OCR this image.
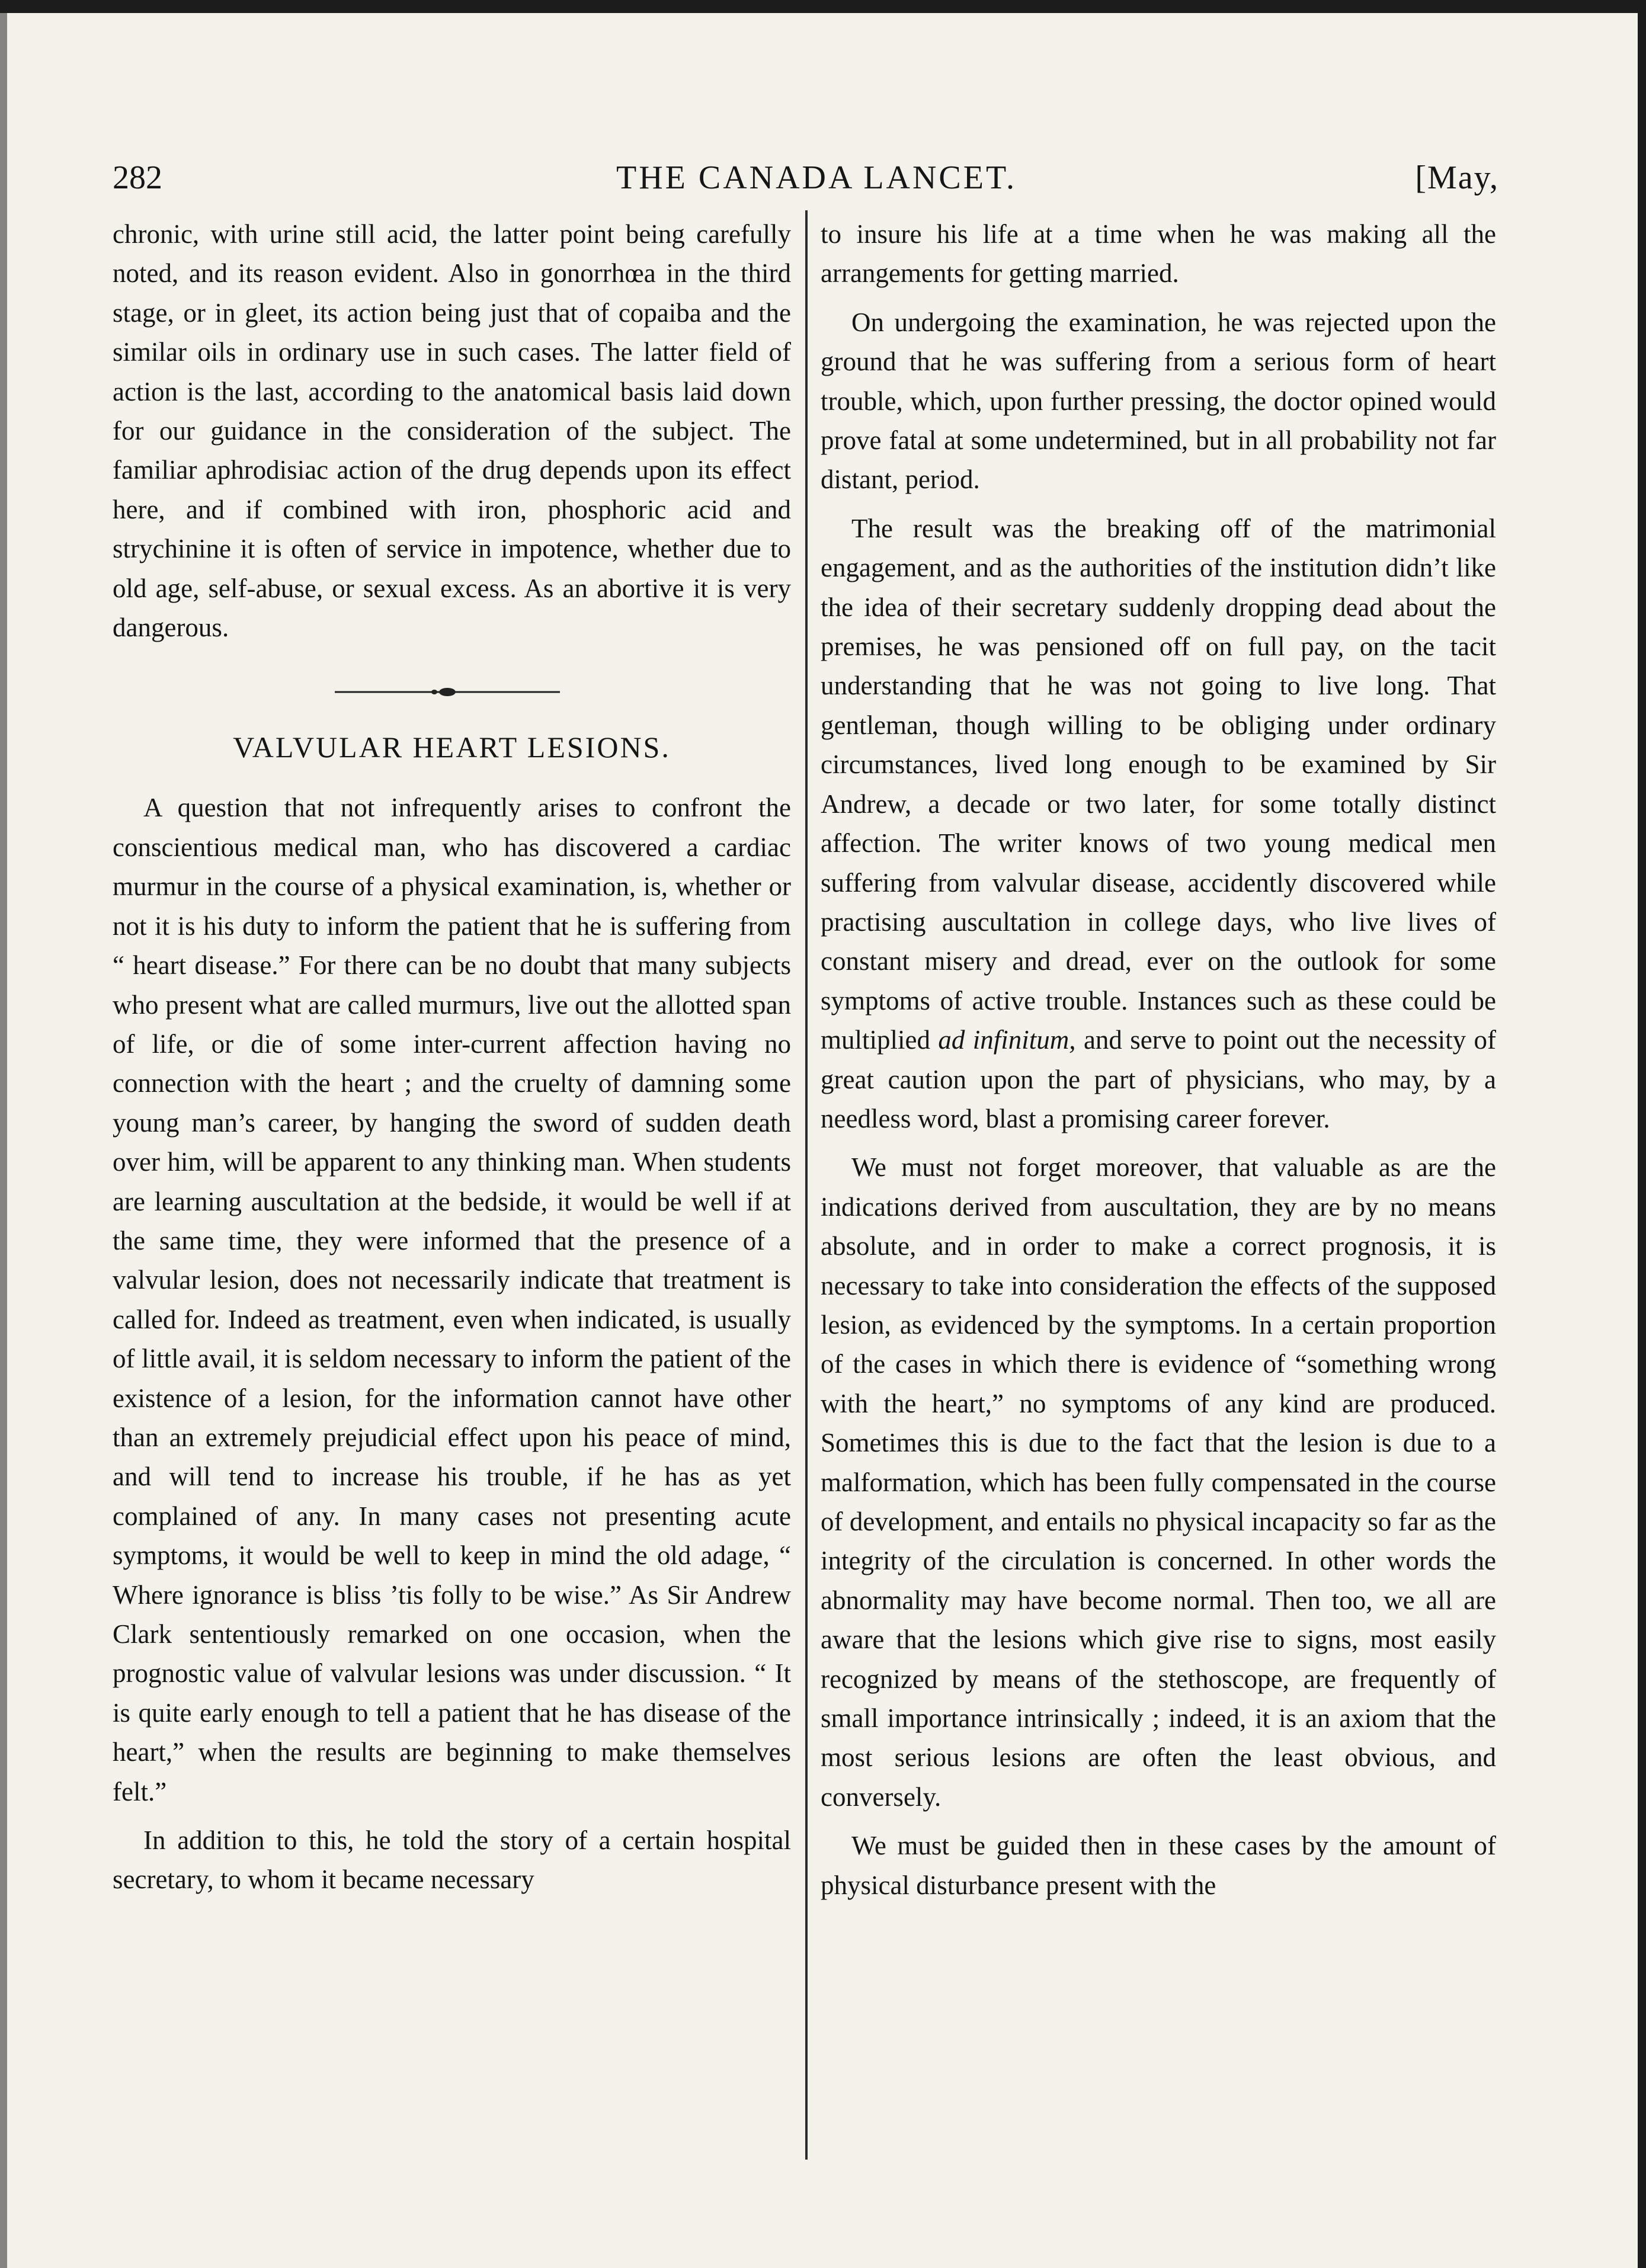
282	THE CANADA LANCET.	[May,

chronic, with urine still acid, the latter point being carefully noted, and its reason evident. Also in gonorrhœa in the third stage, or in gleet, its action being just that of copaiba and the similar oils in ordinary use in such cases. The latter field of action is the last, according to the anatomical basis laid down for our guidance in the consideration of the subject. The familiar aphrodisiac action of the drug depends upon its effect here, and if combined with iron, phosphoric acid and strychinine it is often of service in impotence, whether due to old age, self-abuse, or sexual excess. As an abortive it is very dangerous.

VALVULAR HEART LESIONS.

A question that not infrequently arises to confront the conscientious medical man, who has discovered a cardiac murmur in the course of a physical examination, is, whether or not it is his duty to inform the patient that he is suffering from “ heart disease.” For there can be no doubt that many subjects who present what are called murmurs, live out the allotted span of life, or die of some inter-current affection having no connection with the heart ; and the cruelty of damning some young man’s career, by hanging the sword of sudden death over him, will be apparent to any thinking man. When students are learning auscultation at the bedside, it would be well if at the same time, they were informed that the presence of a valvular lesion, does not necessarily indicate that treatment is called for. Indeed as treatment, even when indicated, is usually of little avail, it is seldom necessary to inform the patient of the existence of a lesion, for the information cannot have other than an extremely prejudicial effect upon his peace of mind, and will tend to increase his trouble, if he has as yet complained of any. In many cases not presenting acute symptoms, it would be well to keep in mind the old adage, “ Where ignorance is bliss ’tis folly to be wise.” As Sir Andrew Clark sententiously remarked on one occasion, when the prognostic value of valvular lesions was under discussion. “ It is quite early enough to tell a patient that he has disease of the heart,” when the results are beginning to make themselves felt.”

In addition to this, he told the story of a certain hospital secretary, to whom it became necessary

to insure his life at a time when he was making all the arrangements for getting married.

On undergoing the examination, he was rejected upon the ground that he was suffering from a serious form of heart trouble, which, upon further pressing, the doctor opined would prove fatal at some undetermined, but in all probability not far distant, period.

The result was the breaking off of the matrimonial engagement, and as the authorities of the institution didn’t like the idea of their secretary suddenly dropping dead about the premises, he was pensioned off on full pay, on the tacit understanding that he was not going to live long. That gentleman, though willing to be obliging under ordinary circumstances, lived long enough to be examined by Sir Andrew, a decade or two later, for some totally distinct affection. The writer knows of two young medical men suffering from valvular disease, accidently discovered while practising auscultation in college days, who live lives of constant misery and dread, ever on the outlook for some symptoms of active trouble. Instances such as these could be multiplied ad infinitum, and serve to point out the necessity of great caution upon the part of physicians, who may, by a needless word, blast a promising career forever.

We must not forget moreover, that valuable as are the indications derived from auscultation, they are by no means absolute, and in order to make a correct prognosis, it is necessary to take into consideration the effects of the supposed lesion, as evidenced by the symptoms. In a certain proportion of the cases in which there is evidence of “something wrong with the heart,” no symptoms of any kind are produced. Sometimes this is due to the fact that the lesion is due to a malformation, which has been fully compensated in the course of development, and entails no physical incapacity so far as the integrity of the circulation is concerned. In other words the abnormality may have become normal. Then too, we all are aware that the lesions which give rise to signs, most easily recognized by means of the stethoscope, are frequently of small importance intrinsically ; indeed, it is an axiom that the most serious lesions are often the least obvious, and conversely.

We must be guided then in these cases by the amount of physical disturbance present with the
